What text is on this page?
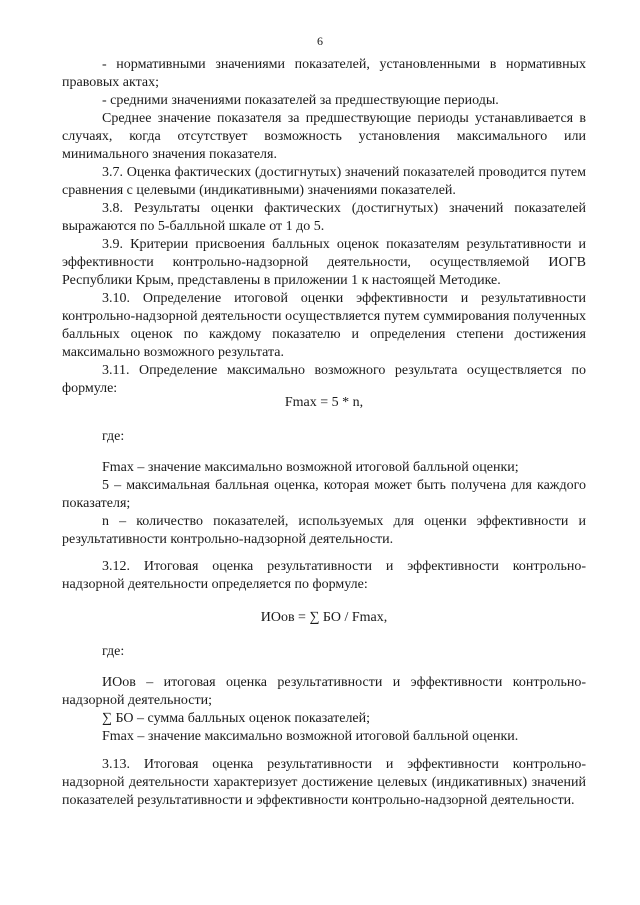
6

- нормативными значениями показателей, установленными в нормативных правовых актах;

- средними значениями показателей за предшествующие периоды.

Среднее значение показателя за предшествующие периоды устанавливается в случаях, когда отсутствует возможность установления максимального или минимального значения показателя.

3.7. Оценка фактических (достигнутых) значений показателей проводится путем сравнения с целевыми (индикативными) значениями показателей.

3.8. Результаты оценки фактических (достигнутых) значений показателей выражаются по 5-балльной шкале от 1 до 5.

3.9. Критерии присвоения балльных оценок показателям результативности и эффективности контрольно-надзорной деятельности, осуществляемой ИОГВ Республики Крым, представлены в приложении 1 к настоящей Методике.

3.10. Определение итоговой оценки эффективности и результативности контрольно-надзорной деятельности осуществляется путем суммирования полученных балльных оценок по каждому показателю и определения степени достижения максимально возможного результата.

3.11. Определение максимально возможного результата осуществляется по формуле:

Fmax = 5 * n,

где:

Fmax – значение максимально возможной итоговой балльной оценки;

5 – максимальная балльная оценка, которая может быть получена для каждого показателя;

n – количество показателей, используемых для оценки эффективности и результативности контрольно-надзорной деятельности.

3.12. Итоговая оценка результативности и эффективности контрольно-надзорной деятельности определяется по формуле:

ИОов = ∑ БО / Fmax,

где:

ИОов – итоговая оценка результативности и эффективности контрольно-надзорной деятельности;

∑ БО – сумма балльных оценок показателей;

Fmax – значение максимально возможной итоговой балльной оценки.

3.13. Итоговая оценка результативности и эффективности контрольно-надзорной деятельности характеризует достижение целевых (индикативных) значений показателей результативности и эффективности контрольно-надзорной деятельности.
